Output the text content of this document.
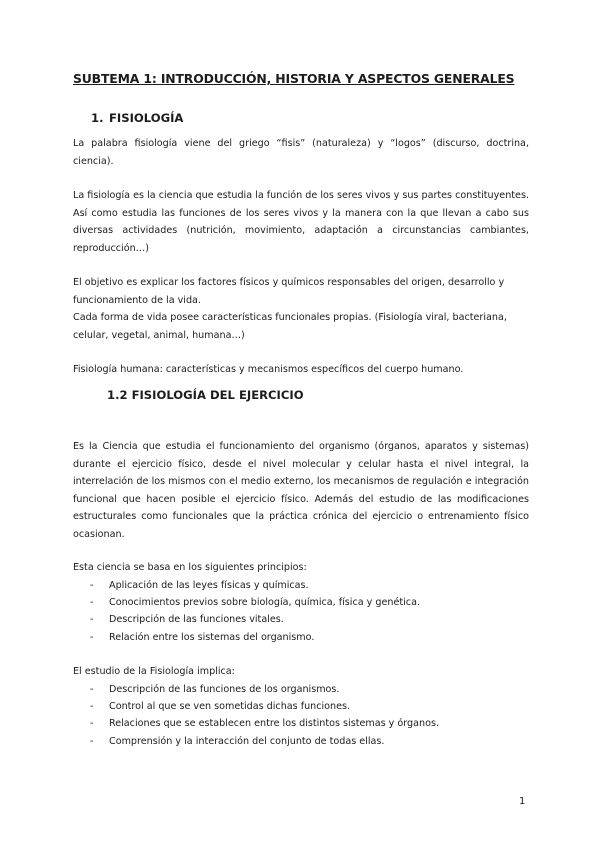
SUBTEMA 1: INTRODUCCIÓN, HISTORIA Y ASPECTOS GENERALES
1. FISIOLOGÍA

La palabra fisiología viene del griego “fisis” (naturaleza) y “logos” (discurso, doctrina, ciencia).

La fisiología es la ciencia que estudia la función de los seres vivos y sus partes constituyentes. Así como estudia las funciones de los seres vivos y la manera con la que llevan a cabo sus diversas actividades (nutrición, movimiento, adaptación a circunstancias cambiantes, reproducción…)

El objetivo es explicar los factores físicos y químicos responsables del origen, desarrollo y funcionamiento de la vida.

Cada forma de vida posee características funcionales propias. (Fisiología viral, bacteriana, celular, vegetal, animal, humana…)

Fisiología humana: características y mecanismos específicos del cuerpo humano.

1.2 FISIOLOGÍA DEL EJERCICIO

Es la Ciencia que estudia el funcionamiento del organismo (órganos, aparatos y sistemas) durante el ejercicio físico, desde el nivel molecular y celular hasta el nivel integral, la interrelación de los mismos con el medio externo, los mecanismos de regulación e integración funcional que hacen posible el ejercicio físico. Además del estudio de las modificaciones estructurales como funcionales que la práctica crónica del ejercicio o entrenamiento físico ocasionan.

Esta ciencia se basa en los siguientes principios:

- Aplicación de las leyes físicas y químicas.
- Conocimientos previos sobre biología, química, física y genética.
- Descripción de las funciones vitales.
- Relación entre los sistemas del organismo.

El estudio de la Fisiología implica:

- Descripción de las funciones de los organismos.
- Control al que se ven sometidas dichas funciones.
- Relaciones que se establecen entre los distintos sistemas y órganos.
- Comprensión y la interacción del conjunto de todas ellas.
1
